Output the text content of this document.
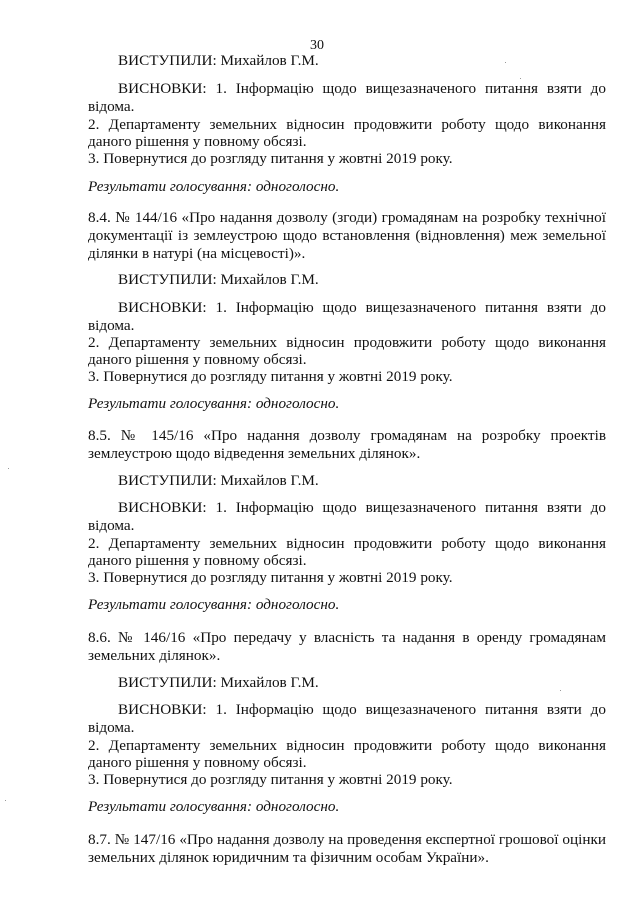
30
ВИСТУПИЛИ: Михайлов Г.М.
ВИСНОВКИ: 1. Інформацію щодо вищезазначеного питання взяти до
відома.
2. Департаменту земельних відносин продовжити роботу щодо виконання
даного рішення у повному обсязі.
3. Повернутися до розгляду питання у жовтні 2019 року.
Результати голосування: одноголосно.
8.4. № 144/16 «Про надання дозволу (згоди) громадянам на розробку технічної
документації із землеустрою щодо встановлення (відновлення) меж земельної
ділянки в натурі (на місцевості)».
ВИСТУПИЛИ: Михайлов Г.М.
ВИСНОВКИ: 1. Інформацію щодо вищезазначеного питання взяти до
відома.
2. Департаменту земельних відносин продовжити роботу щодо виконання
даного рішення у повному обсязі.
3. Повернутися до розгляду питання у жовтні 2019 року.
Результати голосування: одноголосно.
8.5. № 145/16 «Про надання дозволу громадянам на розробку проектів
землеустрою щодо відведення земельних ділянок».
ВИСТУПИЛИ: Михайлов Г.М.
ВИСНОВКИ: 1. Інформацію щодо вищезазначеного питання взяти до
відома.
2. Департаменту земельних відносин продовжити роботу щодо виконання
даного рішення у повному обсязі.
3. Повернутися до розгляду питання у жовтні 2019 року.
Результати голосування: одноголосно.
8.6. № 146/16 «Про передачу у власність та надання в оренду громадянам
земельних ділянок».
ВИСТУПИЛИ: Михайлов Г.М.
ВИСНОВКИ: 1. Інформацію щодо вищезазначеного питання взяти до
відома.
2. Департаменту земельних відносин продовжити роботу щодо виконання
даного рішення у повному обсязі.
3. Повернутися до розгляду питання у жовтні 2019 року.
Результати голосування: одноголосно.
8.7. № 147/16 «Про надання дозволу на проведення експертної грошової оцінки
земельних ділянок юридичним та фізичним особам України».
